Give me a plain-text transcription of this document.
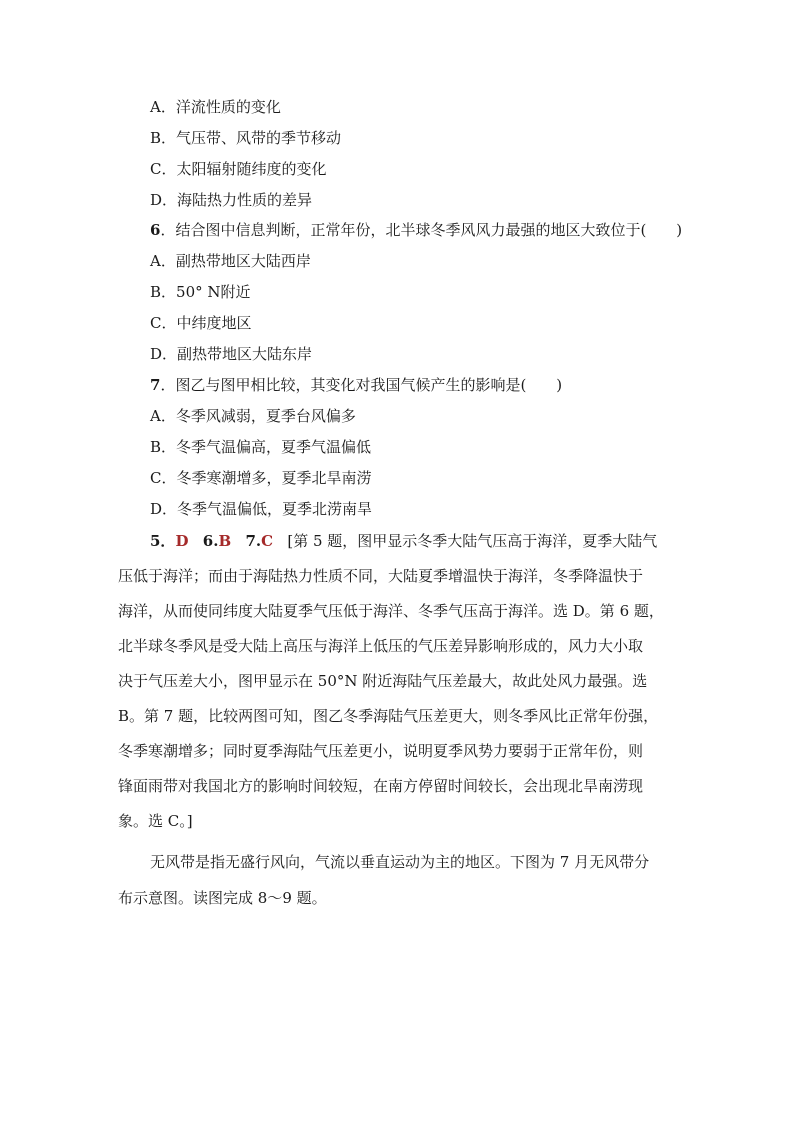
A．洋流性质的变化
B．气压带、风带的季节移动
C．太阳辐射随纬度的变化
D．海陆热力性质的差异
6．结合图中信息判断，正常年份，北半球冬季风风力最强的地区大致位于(　　)
A．副热带地区大陆西岸
B．50° N附近
C．中纬度地区
D．副热带地区大陆东岸
7．图乙与图甲相比较，其变化对我国气候产生的影响是(　　)
A．冬季风减弱，夏季台风偏多
B．冬季气温偏高，夏季气温偏低
C．冬季寒潮增多，夏季北旱南涝
D．冬季气温偏低，夏季北涝南旱
5．D 6.B 7.C [第 5 题，图甲显示冬季大陆气压高于海洋，夏季大陆气
压低于海洋；而由于海陆热力性质不同，大陆夏季增温快于海洋，冬季降温快于
海洋，从而使同纬度大陆夏季气压低于海洋、冬季气压高于海洋。选 D。第 6 题，
北半球冬季风是受大陆上高压与海洋上低压的气压差异影响形成的，风力大小取
决于气压差大小，图甲显示在 50°N 附近海陆气压差最大，故此处风力最强。选
B。第 7 题，比较两图可知，图乙冬季海陆气压差更大，则冬季风比正常年份强，
冬季寒潮增多；同时夏季海陆气压差更小，说明夏季风势力要弱于正常年份，则
锋面雨带对我国北方的影响时间较短，在南方停留时间较长，会出现北旱南涝现
象。选 C。]
无风带是指无盛行风向，气流以垂直运动为主的地区。下图为 7 月无风带分
布示意图。读图完成 8～9 题。
